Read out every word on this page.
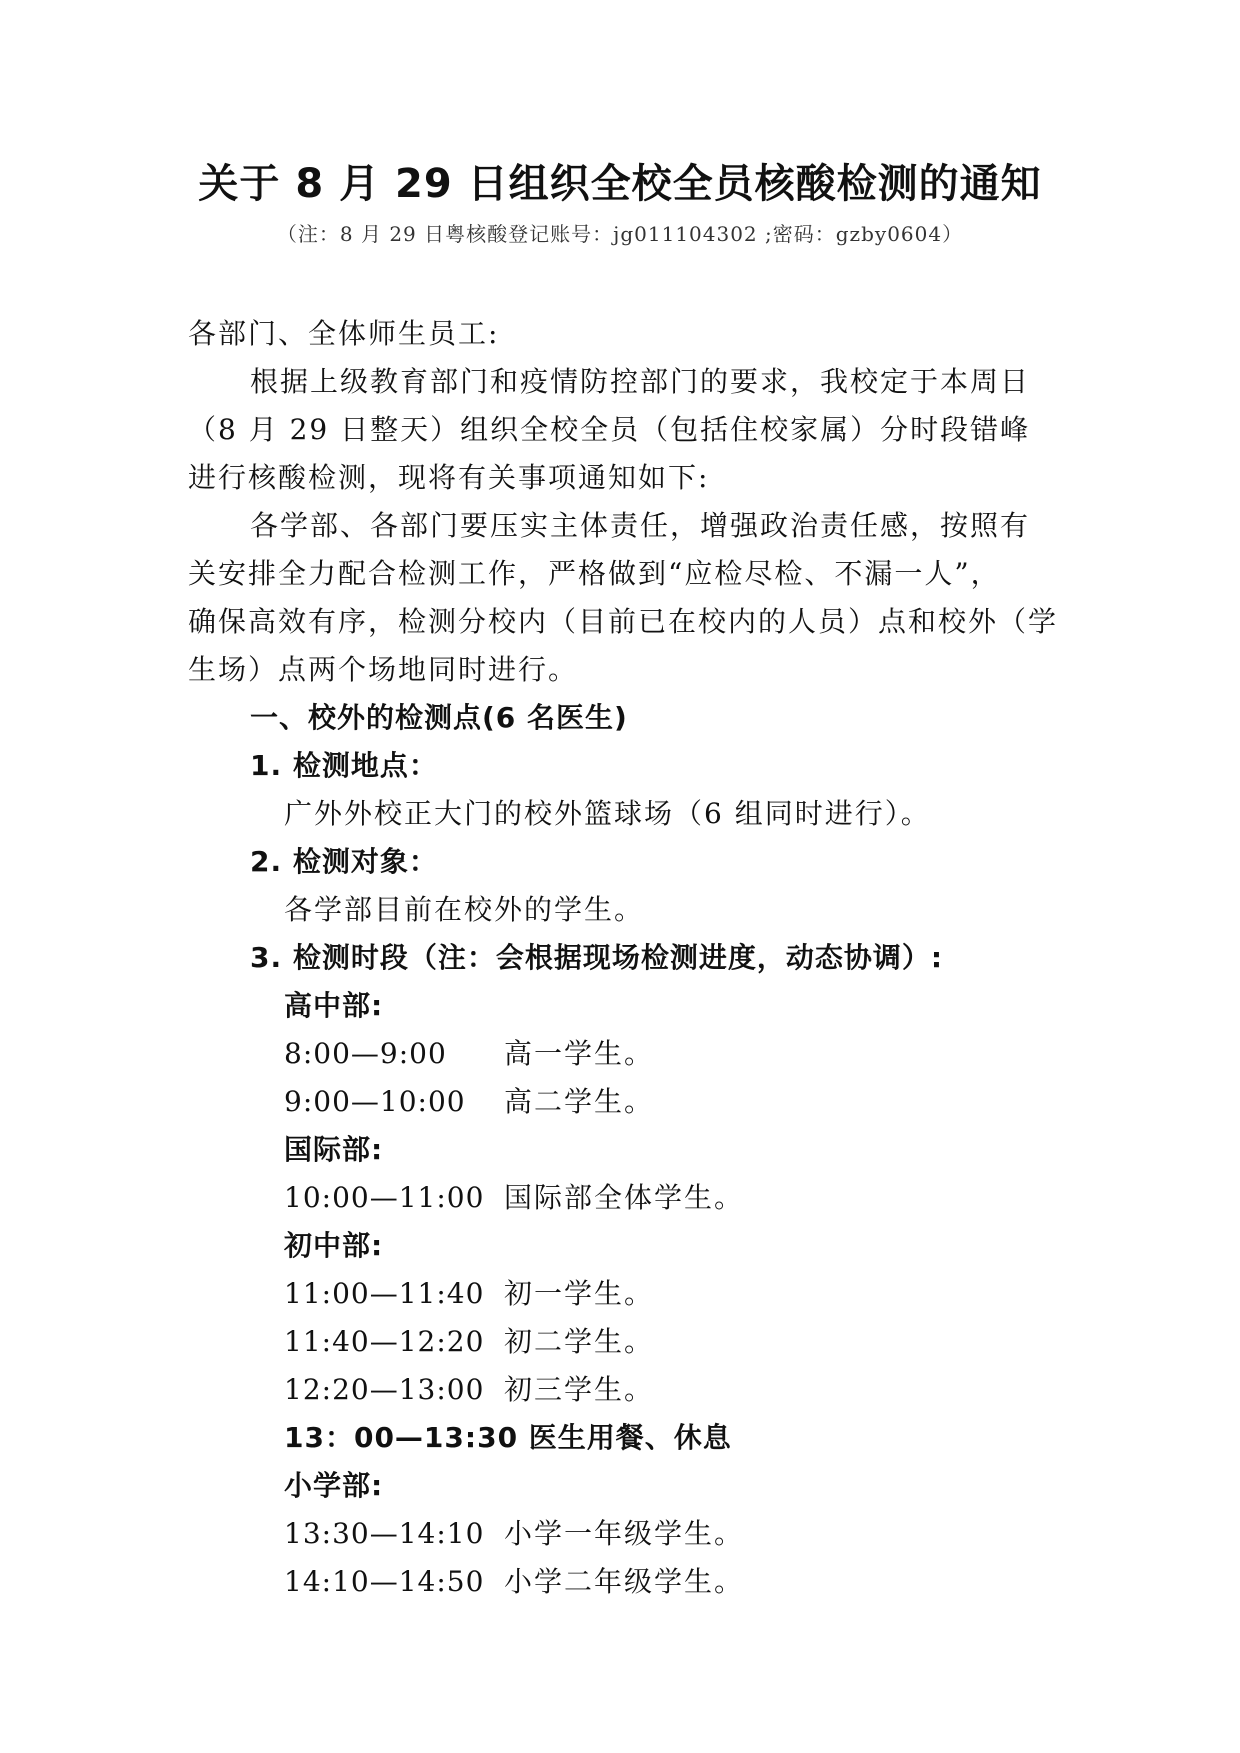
关于 8 月 29 日组织全校全员核酸检测的通知
（注：8 月 29 日粤核酸登记账号：jg011104302 ;密码：gzby0604）
各部门、全体师生员工:
根据上级教育部门和疫情防控部门的要求，我校定于本周日
（8 月 29 日整天）组织全校全员（包括住校家属）分时段错峰
进行核酸检测，现将有关事项通知如下:
各学部、各部门要压实主体责任，增强政治责任感，按照有
关安排全力配合检测工作，严格做到“应检尽检、不漏一人”，
确保高效有序，检测分校内（目前已在校内的人员）点和校外（学
生场）点两个场地同时进行。
一、校外的检测点(6 名医生)
1. 检测地点：
广外外校正大门的校外篮球场（6 组同时进行）。
2. 检测对象：
各学部目前在校外的学生。
3. 检测时段（注：会根据现场检测进度，动态协调）:
高中部:
8:00—9:00 高一学生。
9:00—10:00 高二学生。
国际部:
10:00—11:00 国际部全体学生。
初中部:
11:00—11:40 初一学生。
11:40—12:20 初二学生。
12:20—13:00 初三学生。
13：00—13:30 医生用餐、休息
小学部:
13:30—14:10 小学一年级学生。
14:10—14:50 小学二年级学生。
